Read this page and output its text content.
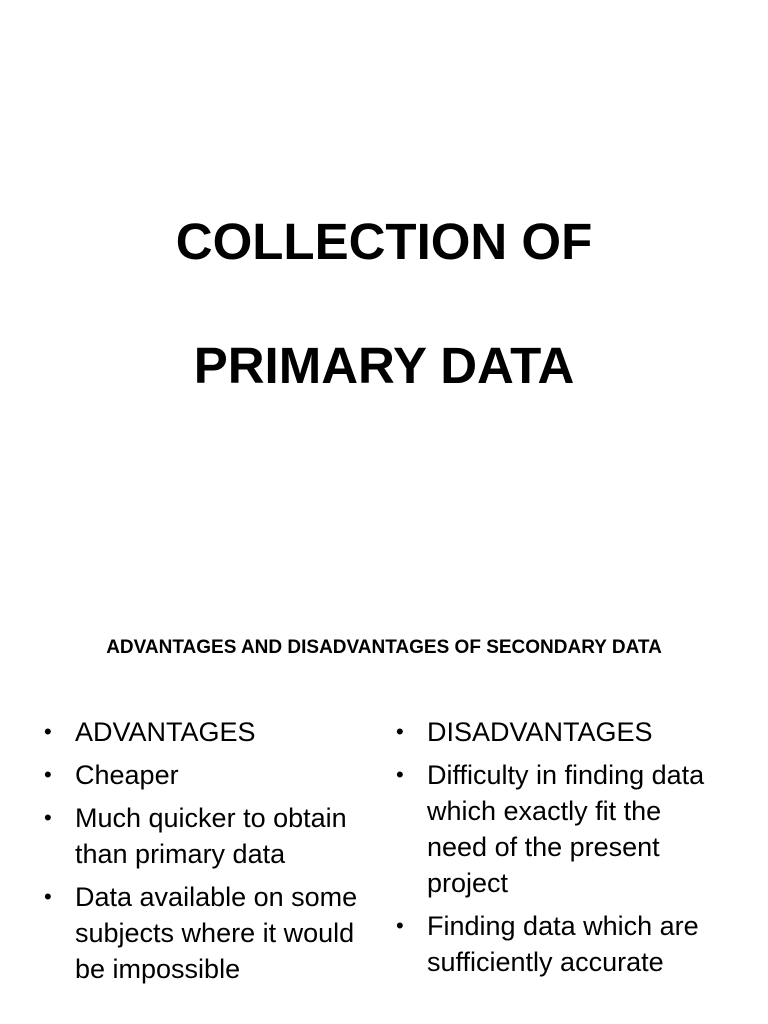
COLLECTION OF
PRIMARY DATA
ADVANTAGES AND DISADVANTAGES OF SECONDARY DATA
• ADVANTAGES
• Cheaper
• Much quicker to obtain than primary data
• Data available on some subjects where it would be impossible
• DISADVANTAGES
• Difficulty in finding data which exactly fit the need of the present project
• Finding data which are sufficiently accurate
